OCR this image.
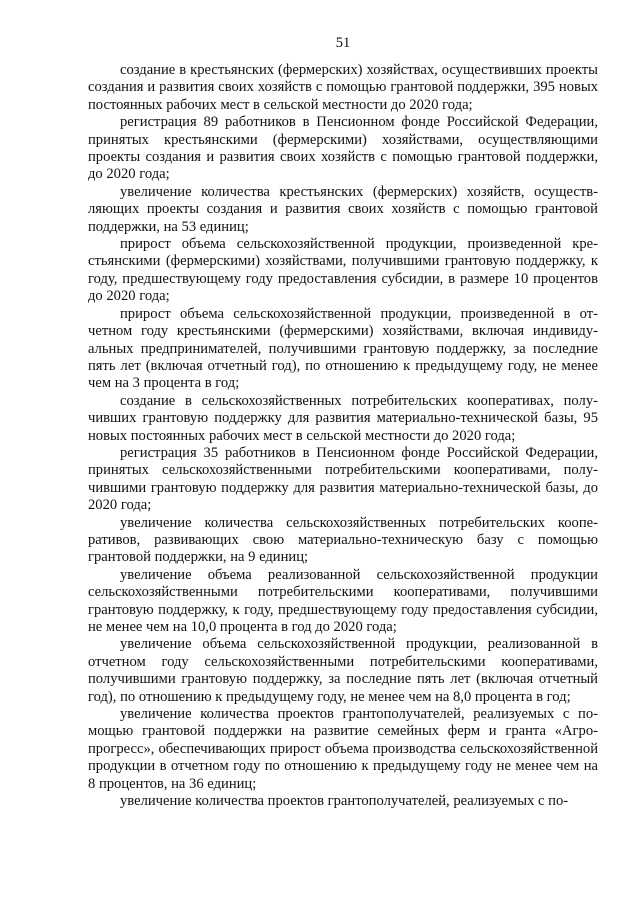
51

создание в крестьянских (фермерских) хозяйствах, осуществивших проекты создания и развития своих хозяйств с помощью грантовой поддержки, 395 новых постоянных рабочих мест в сельской местности до 2020 года;

регистрация 89 работников в Пенсионном фонде Российской Федерации, принятых крестьянскими (фермерскими) хозяйствами, осуществляющими проекты создания и развития своих хозяйств с помощью грантовой поддержки, до 2020 года;

увеличение количества крестьянских (фермерских) хозяйств, осуществляющих проекты создания и развития своих хозяйств с помощью грантовой поддержки, на 53 единиц;

прирост объема сельскохозяйственной продукции, произведенной крестьянскими (фермерскими) хозяйствами, получившими грантовую поддержку, к году, предшествующему году предоставления субсидии, в размере 10 процентов до 2020 года;

прирост объема сельскохозяйственной продукции, произведенной в отчетном году крестьянскими (фермерскими) хозяйствами, включая индивидуальных предпринимателей, получившими грантовую поддержку, за последние пять лет (включая отчетный год), по отношению к предыдущему году, не менее чем на 3 процента в год;

создание в сельскохозяйственных потребительских кооперативах, получивших грантовую поддержку для развития материально-технической базы, 95 новых постоянных рабочих мест в сельской местности до 2020 года;

регистрация 35 работников в Пенсионном фонде Российской Федерации, принятых сельскохозяйственными потребительскими кооперативами, получившими грантовую поддержку для развития материально-технической базы, до 2020 года;

увеличение количества сельскохозяйственных потребительских кооперативов, развивающих свою материально-техническую базу с помощью грантовой поддержки, на 9 единиц;

увеличение объема реализованной сельскохозяйственной продукции сельскохозяйственными потребительскими кооперативами, получившими грантовую поддержку, к году, предшествующему году предоставления субсидии, не менее чем на 10,0 процента в год до 2020 года;

увеличение объема сельскохозяйственной продукции, реализованной в отчетном году сельскохозяйственными потребительскими кооперативами, получившими грантовую поддержку, за последние пять лет (включая отчетный год), по отношению к предыдущему году, не менее чем на 8,0 процента в год;

увеличение количества проектов грантополучателей, реализуемых с помощью грантовой поддержки на развитие семейных ферм и гранта «Агропрогресс», обеспечивающих прирост объема производства сельскохозяйственной продукции в отчетном году по отношению к предыдущему году не менее чем на 8 процентов, на 36 единиц;

увеличение количества проектов грантополучателей, реализуемых с по-
